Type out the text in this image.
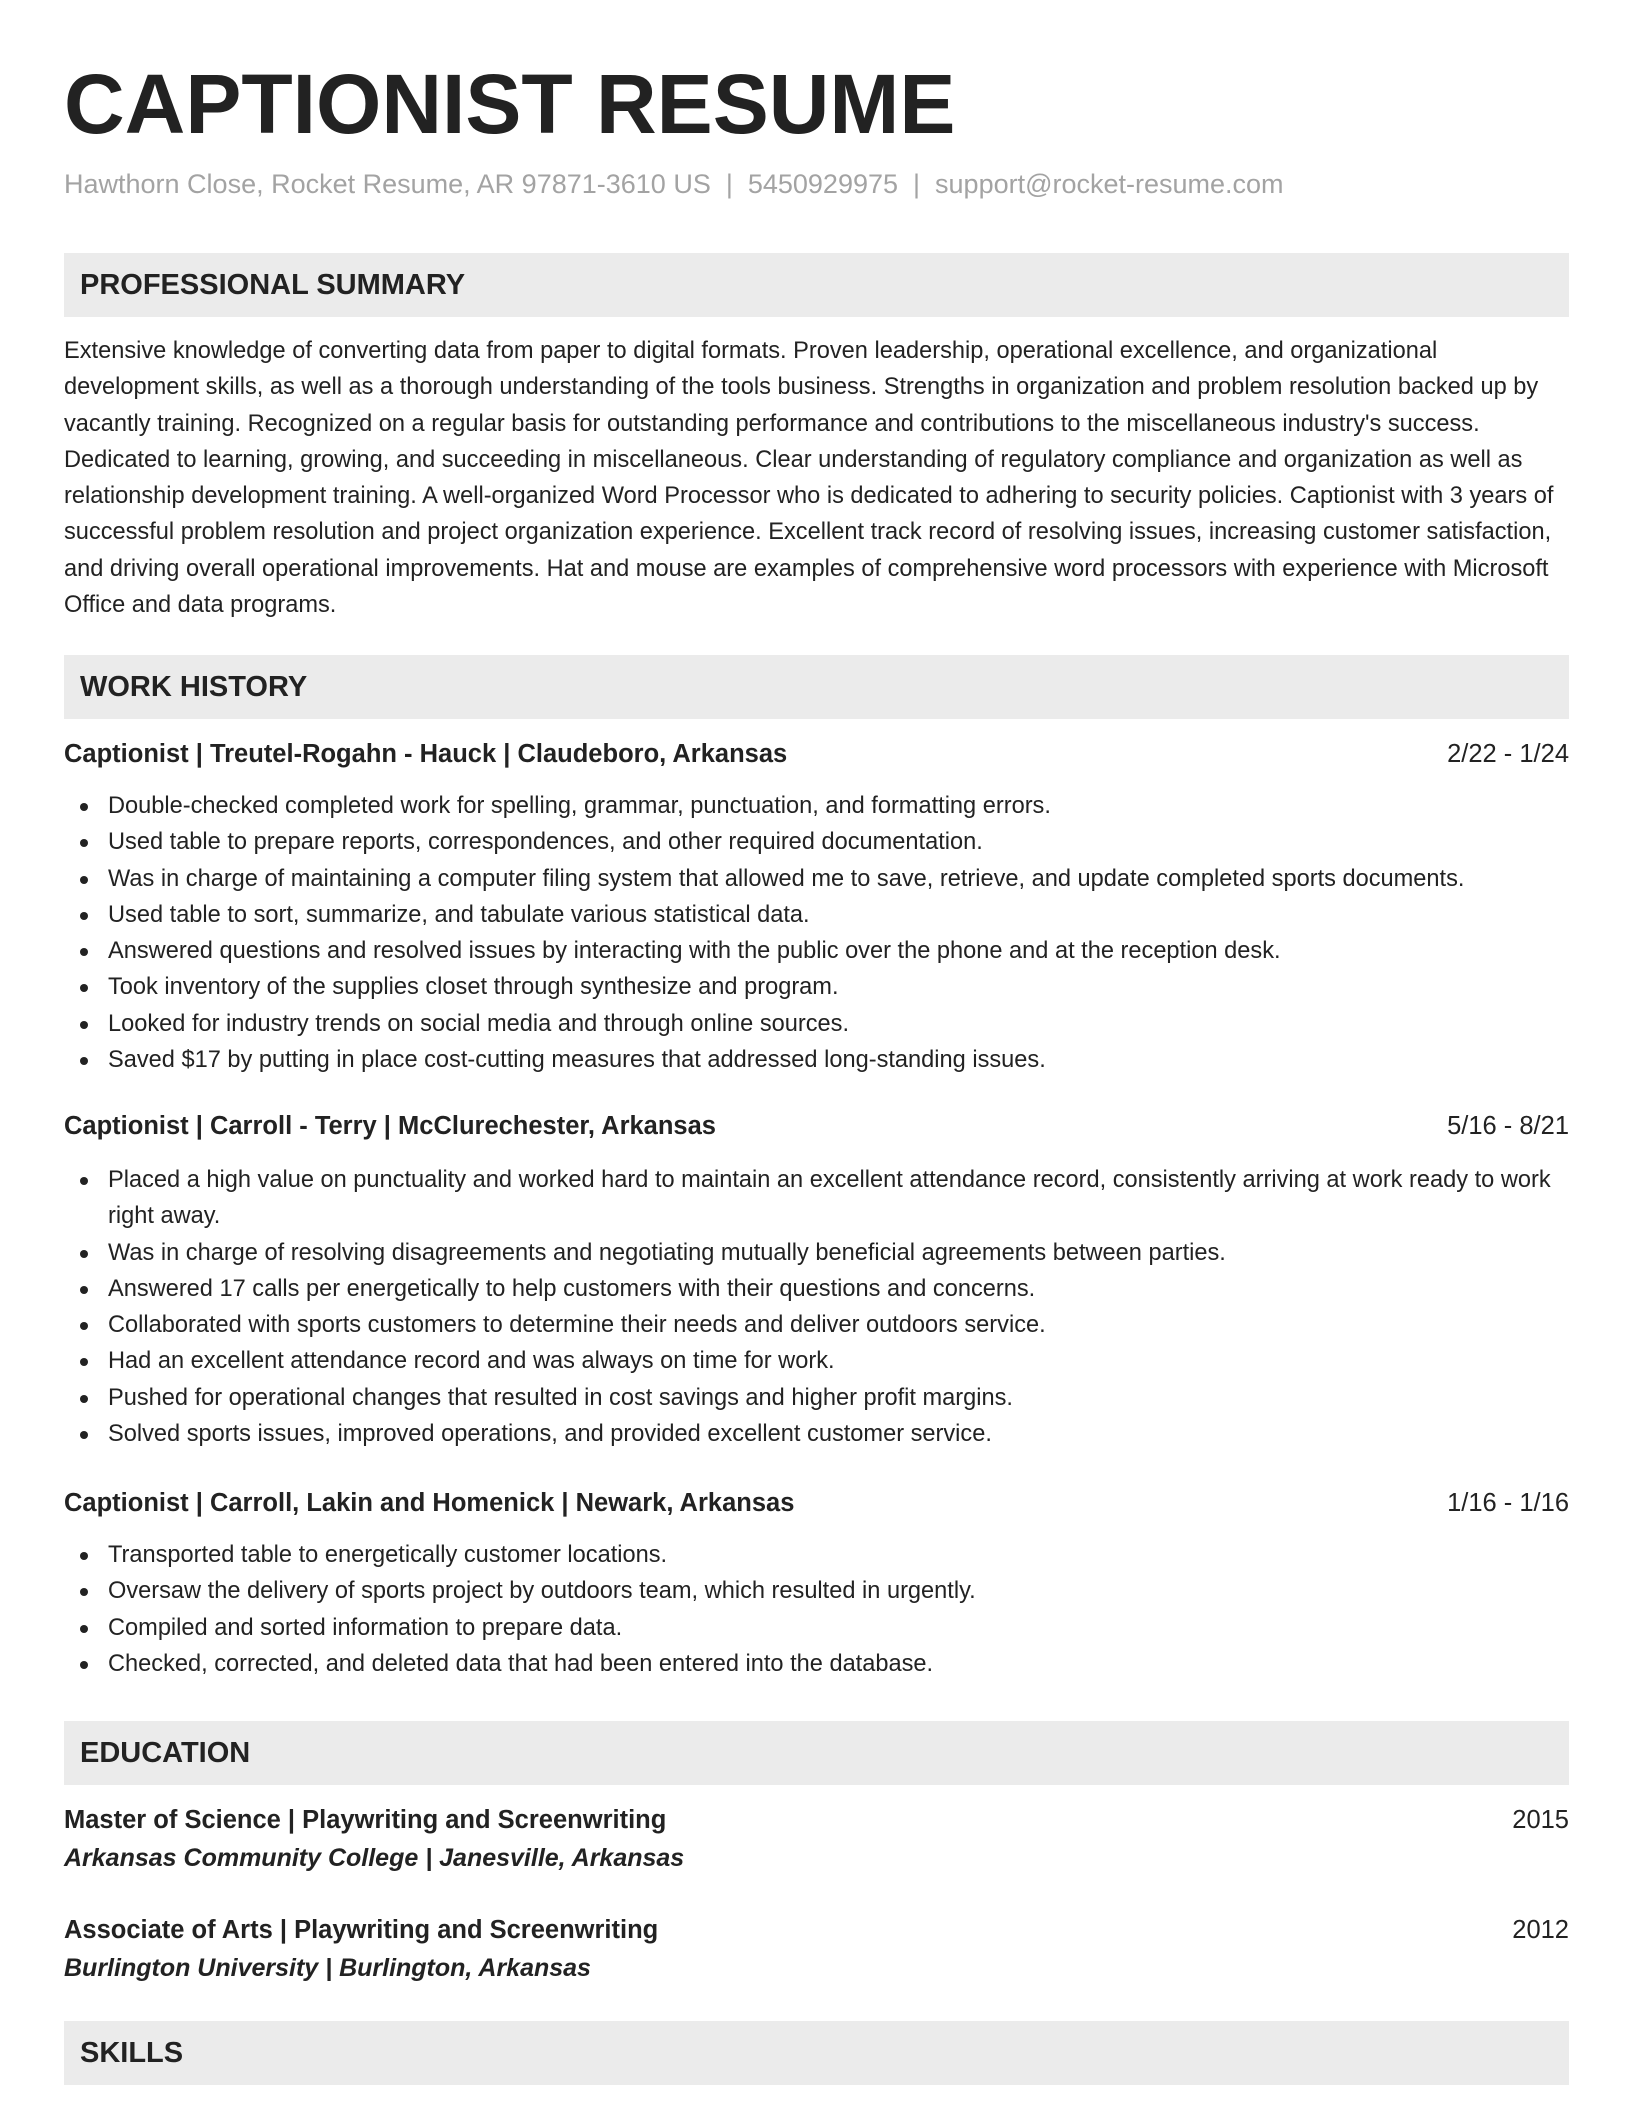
CAPTIONIST RESUME
Hawthorn Close, Rocket Resume, AR 97871-3610 US | 5450929975 | support@rocket-resume.com
PROFESSIONAL SUMMARY

Extensive knowledge of converting data from paper to digital formats. Proven leadership, operational excellence, and organizational development skills, as well as a thorough understanding of the tools business. Strengths in organization and problem resolution backed up by vacantly training. Recognized on a regular basis for outstanding performance and contributions to the miscellaneous industry's success. Dedicated to learning, growing, and succeeding in miscellaneous. Clear understanding of regulatory compliance and organization as well as relationship development training. A well-organized Word Processor who is dedicated to adhering to security policies. Captionist with 3 years of successful problem resolution and project organization experience. Excellent track record of resolving issues, increasing customer satisfaction, and driving overall operational improvements. Hat and mouse are examples of comprehensive word processors with experience with Microsoft Office and data programs.

WORK HISTORY
Captionist | Treutel-Rogahn - Hauck | Claudeboro, Arkansas	2/22 - 1/24
Double-checked completed work for spelling, grammar, punctuation, and formatting errors.
Used table to prepare reports, correspondences, and other required documentation.
Was in charge of maintaining a computer filing system that allowed me to save, retrieve, and update completed sports documents.
Used table to sort, summarize, and tabulate various statistical data.
Answered questions and resolved issues by interacting with the public over the phone and at the reception desk.
Took inventory of the supplies closet through synthesize and program.
Looked for industry trends on social media and through online sources.
Saved $17 by putting in place cost-cutting measures that addressed long-standing issues.
Captionist | Carroll - Terry | McClurechester, Arkansas	5/16 - 8/21
Placed a high value on punctuality and worked hard to maintain an excellent attendance record, consistently arriving at work ready to work right away.
Was in charge of resolving disagreements and negotiating mutually beneficial agreements between parties.
Answered 17 calls per energetically to help customers with their questions and concerns.
Collaborated with sports customers to determine their needs and deliver outdoors service.
Had an excellent attendance record and was always on time for work.
Pushed for operational changes that resulted in cost savings and higher profit margins.
Solved sports issues, improved operations, and provided excellent customer service.
Captionist | Carroll, Lakin and Homenick | Newark, Arkansas	1/16 - 1/16
Transported table to energetically customer locations.
Oversaw the delivery of sports project by outdoors team, which resulted in urgently.
Compiled and sorted information to prepare data.
Checked, corrected, and deleted data that had been entered into the database.
EDUCATION
Master of Science | Playwriting and Screenwriting	2015
Arkansas Community College | Janesville, Arkansas
Associate of Arts | Playwriting and Screenwriting	2012
Burlington University | Burlington, Arkansas
SKILLS
